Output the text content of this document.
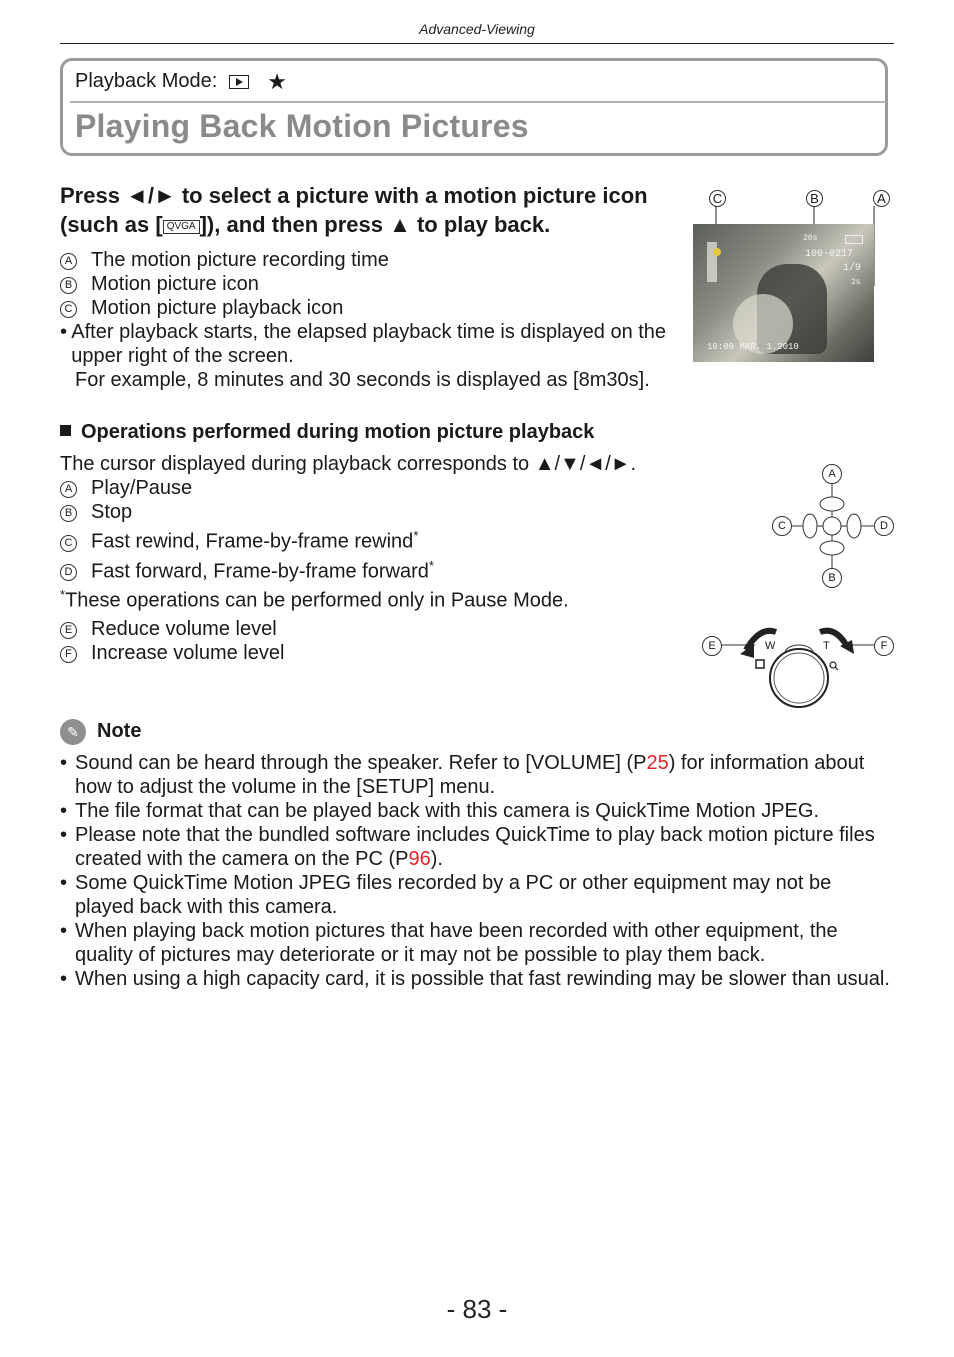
Advanced-Viewing
Playback Mode: ★
Playing Back Motion Pictures
Press ◄/► to select a picture with a motion picture icon (such as [ QVGA ]), and then press ▲ to play back.
A The motion picture recording time
B Motion picture icon
C Motion picture playback icon
• After playback starts, the elapsed playback time is displayed on the upper right of the screen.
For example, 8 minutes and 30 seconds is displayed as [8m30s].
C	B	A
20s
100-0217
1/9
2s
10:00 MAR. 1.2010
Operations performed during motion picture playback
The cursor displayed during playback corresponds to ▲/▼/◄/►.
A Play/Pause
B Stop
C Fast rewind, Frame-by-frame rewind*
D Fast forward, Frame-by-frame forward*
*These operations can be performed only in Pause Mode.
E Reduce volume level
F Increase volume level
A
B
C	D
E	F
W	T
✎ Note
• Sound can be heard through the speaker. Refer to [VOLUME] (P25) for information about how to adjust the volume in the [SETUP] menu.
• The file format that can be played back with this camera is QuickTime Motion JPEG.
• Please note that the bundled software includes QuickTime to play back motion picture files created with the camera on the PC (P96).
• Some QuickTime Motion JPEG files recorded by a PC or other equipment may not be played back with this camera.
• When playing back motion pictures that have been recorded with other equipment, the quality of pictures may deteriorate or it may not be possible to play them back.
• When using a high capacity card, it is possible that fast rewinding may be slower than usual.
- 83 -
